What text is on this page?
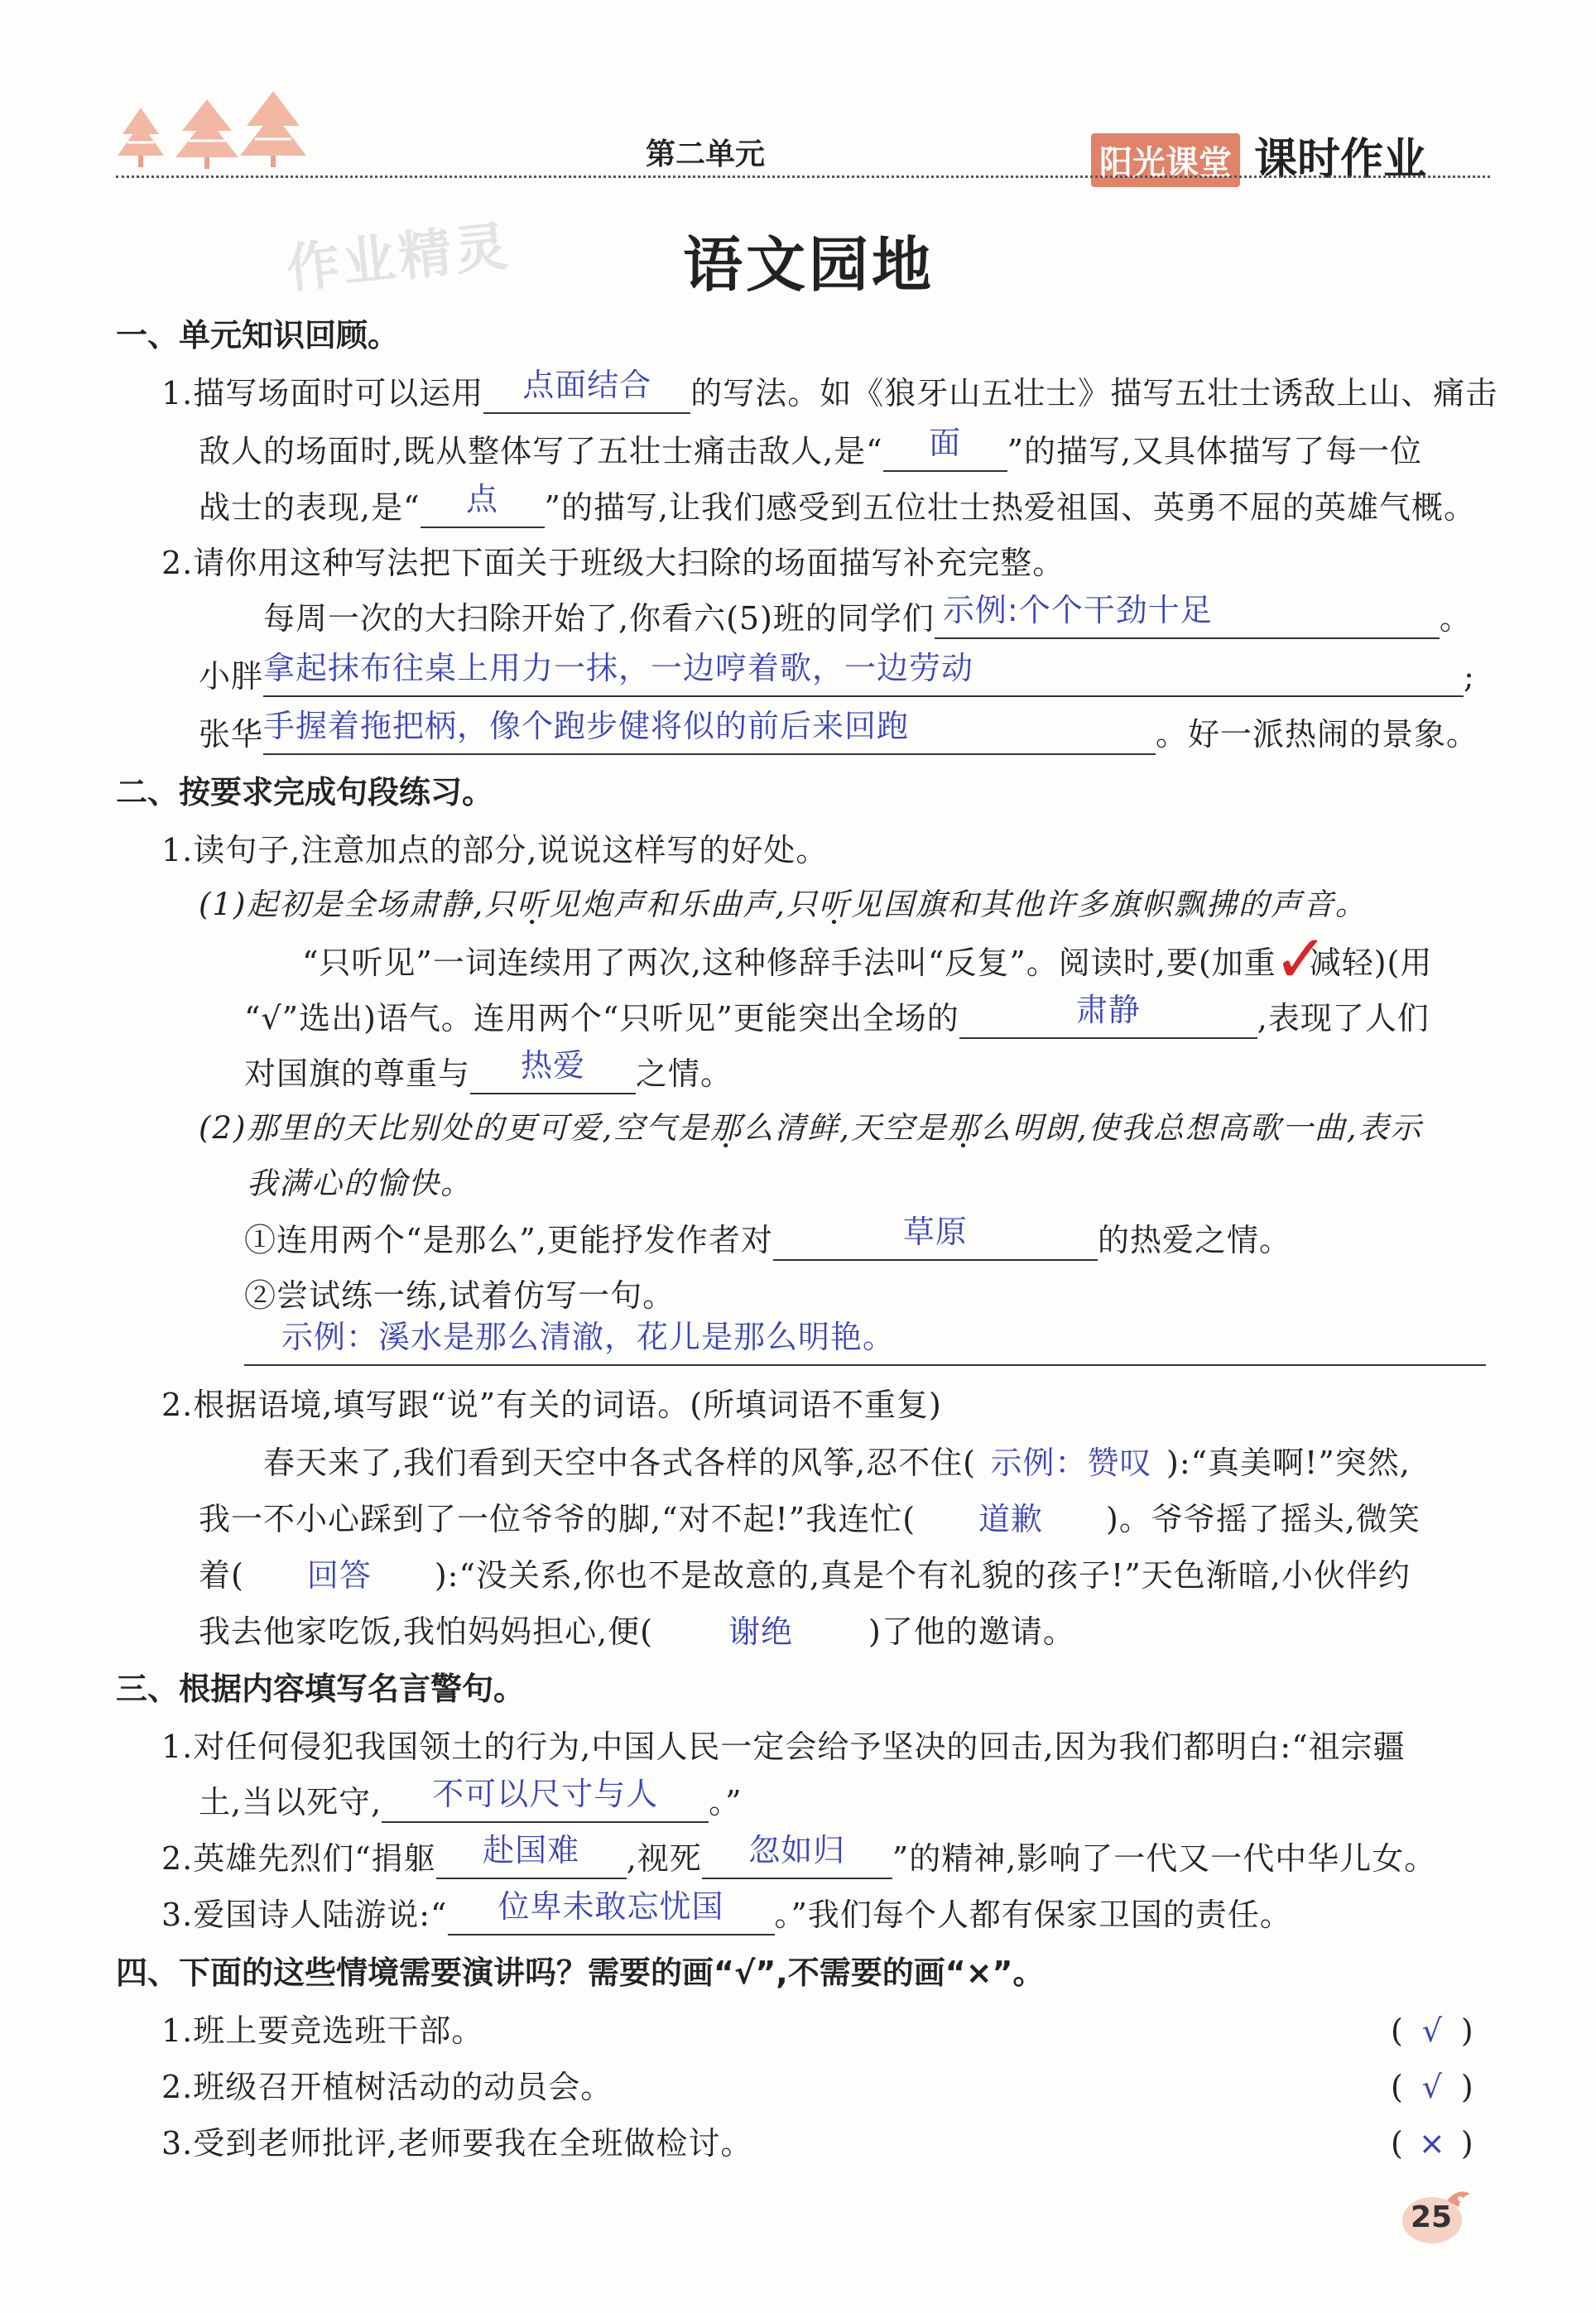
第二单元	阳光课堂 课时作业
作业精灵	语文园地
一、单元知识回顾。
1.描写场面时可以运用 点面结合 的写法。如《狼牙山五壮士》描写五壮士诱敌上山、痛击
敌人的场面时,既从整体写了五壮士痛击敌人,是“ 面 ”的描写,又具体描写了每一位
战士的表现,是“ 点 ”的描写,让我们感受到五位壮士热爱祖国、英勇不屈的英雄气概。
2.请你用这种写法把下面关于班级大扫除的场面描写补充完整。
每周一次的大扫除开始了,你看六(5)班的同学们 示例:个个干劲十足	。
小胖拿起抹布往桌上用力一抹，一边哼着歌，一边劳动	;
张华手握着拖把柄，像个跑步健将似的前后来回跑	。好一派热闹的景象。
二、按要求完成句段练习。
1.读句子,注意加点的部分,说说这样写的好处。
(1)起初是全场肃静,只听见炮声和乐曲声,只听见国旗和其他许多旗帜飘拂的声音。
“只听见”一词连续用了两次,这种修辞手法叫“反复”。阅读时,要(加重 减轻)(用
✓
“√”选出)语气。连用两个“只听见”更能突出全场的	肃静	,表现了人们
对国旗的尊重与 热爱 之情。
(2)那里的天比别处的更可爱,空气是那么清鲜,天空是那么明朗,使我总想高歌一曲,表示
我满心的愉快。
①连用两个“是那么”,更能抒发作者对	草原	的热爱之情。
②尝试练一练,试着仿写一句。
示例：溪水是那么清澈，花儿是那么明艳。
2.根据语境,填写跟“说”有关的词语。(所填词语不重复)
春天来了,我们看到天空中各式各样的风筝,忍不住( 示例：赞叹 ):“真美啊!”突然,
我一不小心踩到了一位爷爷的脚,“对不起!”我连忙( 道歉 )。爷爷摇了摇头,微笑
着( 回答 ):“没关系,你也不是故意的,真是个有礼貌的孩子!”天色渐暗,小伙伴约
我去他家吃饭,我怕妈妈担心,便( 谢绝 )了他的邀请。
三、根据内容填写名言警句。
1.对任何侵犯我国领土的行为,中国人民一定会给予坚决的回击,因为我们都明白:“祖宗疆
土,当以死守, 不可以尺寸与人 。”
2.英雄先烈们“捐躯 赴国难 ,视死 忽如归 ”的精神,影响了一代又一代中华儿女。
3.爱国诗人陆游说:“ 位卑未敢忘忧国 。”我们每个人都有保家卫国的责任。
四、下面的这些情境需要演讲吗？需要的画“√”,不需要的画“×”。
1.班上要竞选班干部。	( √ )
2.班级召开植树活动的动员会。	( √ )
3.受到老师批评,老师要我在全班做检讨。	( × )
25
